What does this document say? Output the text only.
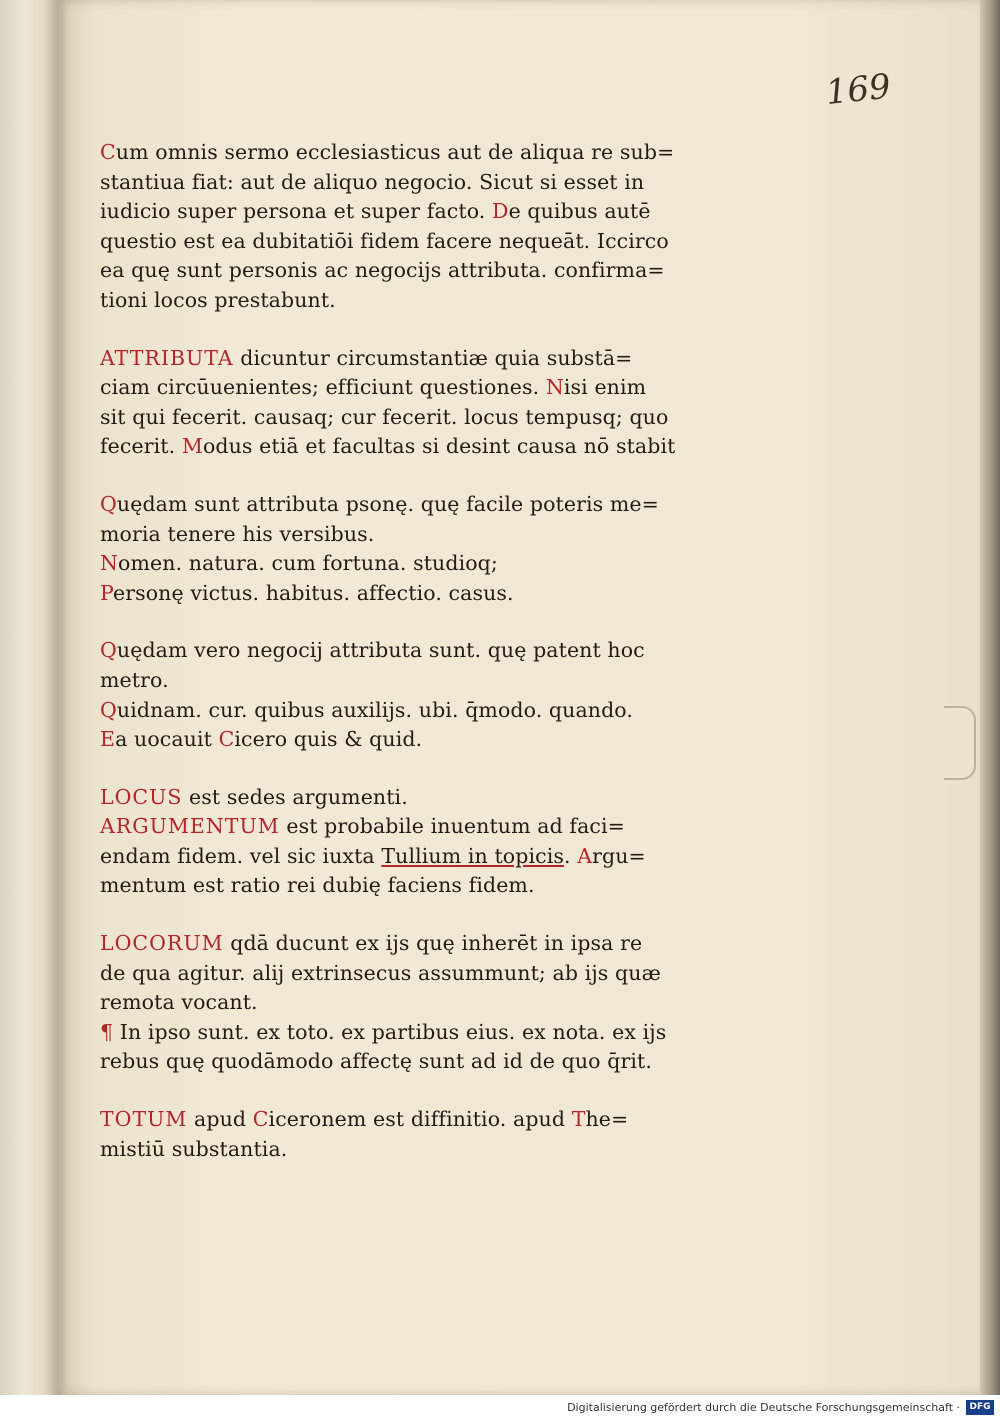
169
Cum omnis sermo ecclesiasticus aut de aliqua re sub=
stantiua fiat: aut de aliquo negocio. Sicut si esset in
iudicio super persona et super facto. De quibus autē
questio est ea dubitatiōi fidem facere nequeāt. Iccirco
ea quę sunt personis ac negocijs attributa. confirma=
tioni locos prestabunt.
ATTRIBUTA dicuntur circumstantiæ quia substā=
ciam circūuenientes; efficiunt questiones. Nisi enim
sit qui fecerit. causaq; cur fecerit. locus tempusq; quo
fecerit. Modus etiā et facultas si desint causa nō stabit
Quędam sunt attributa psonę. quę facile poteris me=
moria tenere his versibus.
Nomen. natura. cum fortuna. studioq;
Personę victus. habitus. affectio. casus.
Quędam vero negocij attributa sunt. quę patent hoc
metro.
Quidnam. cur. quibus auxilijs. ubi. q̄modo. quando.
Ea uocauit Cicero quis & quid.
LOCUS est sedes argumenti.
ARGUMENTUM est probabile inuentum ad faci=
endam fidem. vel sic iuxta Tullium in topicis. Argu=
mentum est ratio rei dubię faciens fidem.
LOCORUM qdā ducunt ex ijs quę inherēt in ipsa re
de qua agitur. alij extrinsecus assummunt; ab ijs quæ
remota vocant.
¶ In ipso sunt. ex toto. ex partibus eius. ex nota. ex ijs
rebus quę quodāmodo affectę sunt ad id de quo q̄rit.
TOTUM apud Ciceronem est diffinitio. apud The=
mistiū substantia.
Digitalisierung gefördert durch die Deutsche Forschungsgemeinschaft ·	DFG
